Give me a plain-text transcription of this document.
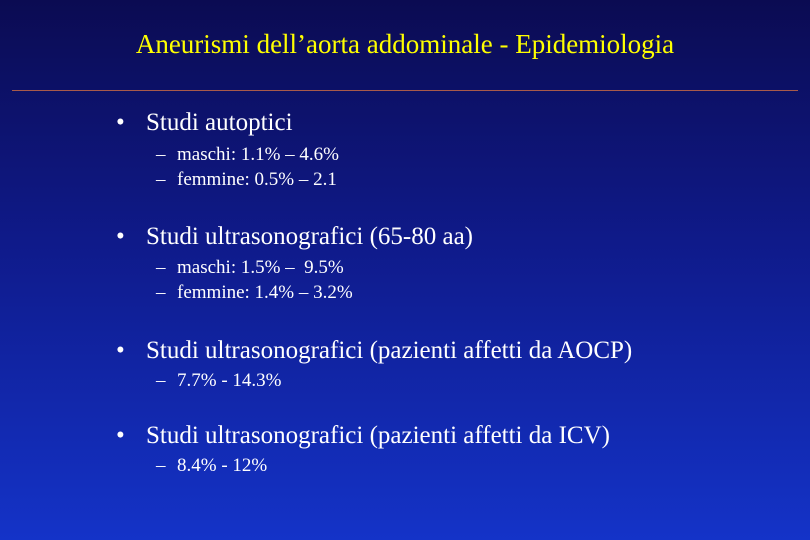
Aneurismi dell’aorta addominale - Epidemiologia
• Studi autoptici
– maschi: 1.1% – 4.6%
– femmine: 0.5% – 2.1
• Studi ultrasonografici (65-80 aa)
– maschi: 1.5% –  9.5%
– femmine: 1.4% – 3.2%
• Studi ultrasonografici (pazienti affetti da AOCP)
– 7.7% - 14.3%
• Studi ultrasonografici (pazienti affetti da ICV)
– 8.4% - 12%
